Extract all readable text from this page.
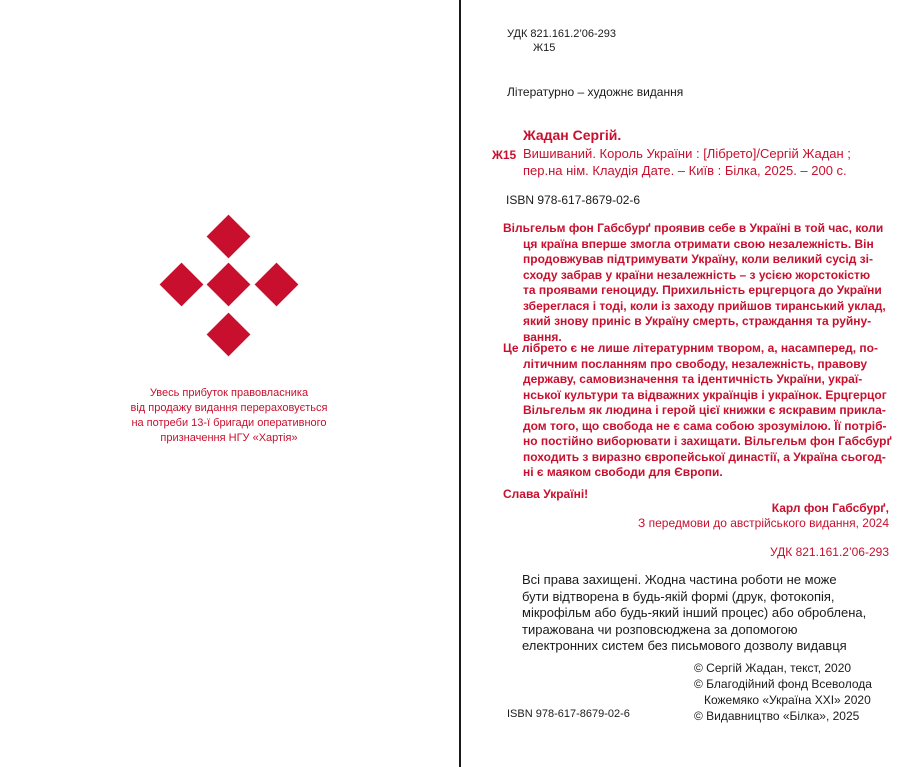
Увесь прибуток правовласника
від продажу видання перераховується
на потреби 13-ї бригади оперативного
призначення НГУ «Хартія»
УДК 821.161.2’06-293
Ж15
Літературно – художнє видання
Жадан Сергій.
Ж15 Вишиваний. Король України : [Лібрето]/Сергій Жадан ;
пер.на нім. Клаудія Дате. – Київ : Білка, 2025. – 200 с.
ISBN 978-617-8679-02-6
Вільгельм фон Габсбурґ проявив себе в Україні в той час, коли
ця країна вперше змогла отримати свою незалежність. Він
продовжував підтримувати Україну, коли великий сусід зі-
сходу забрав у країни незалежність – з усією жорстокістю
та проявами геноциду. Прихильність ерцгерцога до України
збереглася і тоді, коли із заходу прийшов тиранський уклад,
який знову приніс в Україну смерть, страждання та руйну-
вання.
Це лібрето є не лише літературним твором, а, насамперед, по-
літичним посланням про свободу, незалежність, правову
державу, самовизначення та ідентичність України, украї-
нської культури та відважних українців і українок. Ерцгерцог
Вільгельм як людина і герой цієї книжки є яскравим прикла-
дом того, що свобода не є сама собою зрозумілою. Її потріб-
но постійно виборювати і захищати. Вільгельм фон Габсбурґ
походить з виразно європейської династії, а Україна сьогод-
ні є маяком свободи для Європи.
Слава Україні!
Карл фон Габсбурґ,
З передмови до австрійського видання, 2024
УДК 821.161.2’06-293
Всі права захищені. Жодна частина роботи не може
бути відтворена в будь-якій формі (друк, фотокопія,
мікрофільм або будь-який інший процес) або оброблена,
тиражована чи розповсюджена за допомогою
електронних систем без письмового дозволу видавця
© Сергій Жадан, текст, 2020
© Благодійний фонд Всеволода
Кожемяко «Україна XXI» 2020
© Видавництво «Білка», 2025
ISBN 978-617-8679-02-6
